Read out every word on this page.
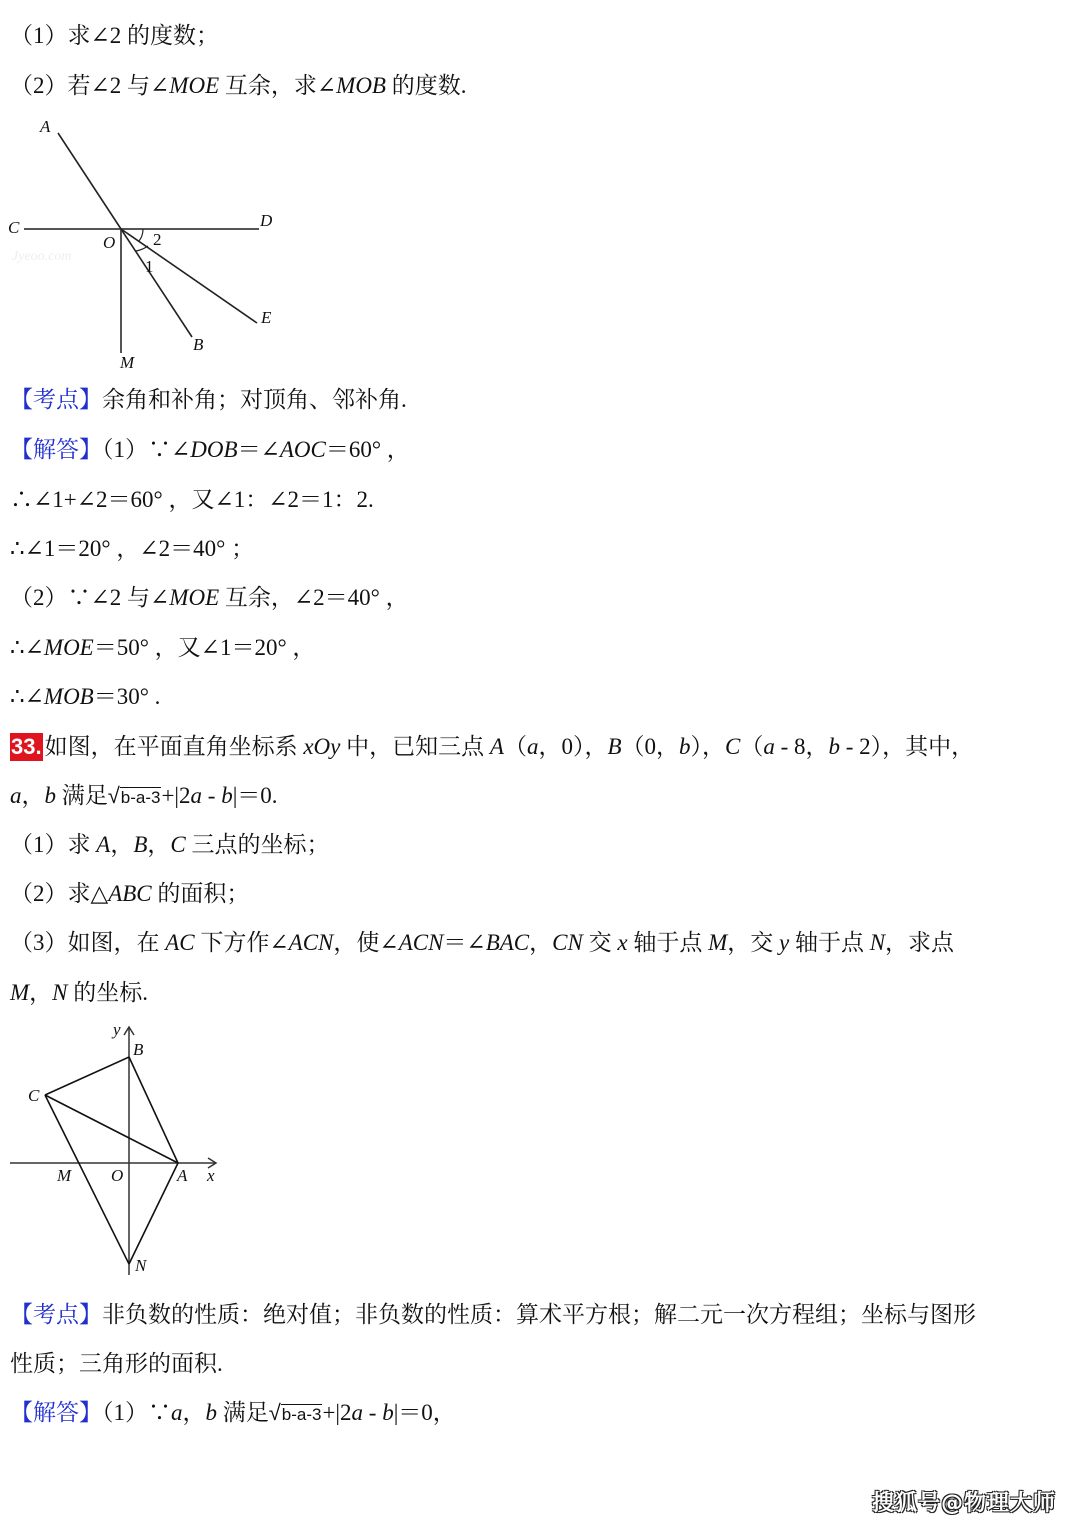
（1）求∠2 的度数；
（2）若∠2 与∠MOE 互余，求∠MOB 的度数.
A
C	D
O 2
1
E
B
M
Jyeoo.com
【考点】余角和补角；对顶角、邻补角.
【解答】（1）∵∠DOB＝∠AOC＝60° ，
∴∠1+∠2＝60° ，又∠1：∠2＝1：2.
∴∠1＝20° ，∠2＝40° ；
（2）∵∠2 与∠MOE 互余，∠2＝40° ，
∴∠MOE＝50° ，又∠1＝20° ，
∴∠MOB＝30° .
33. 如图，在平面直角坐标系 xOy 中，已知三点 A（a，0），B（0，b），C（a - 8，b - 2），其中，
a，b 满足 √ b-a-3+|2a - b|＝0.
（1）求 A，B，C 三点的坐标；
（2）求△ABC 的面积；
（3）如图，在 AC 下方作∠ACN，使∠ACN＝∠BAC，CN 交 x 轴于点 M，交 y 轴于点 N，求点
M，N 的坐标.
y
B
C
M O	A x
N
【考点】非负数的性质：绝对值；非负数的性质：算术平方根；解二元一次方程组；坐标与图形
性质；三角形的面积.
【解答】（1）∵a，b 满足 √ b-a-3+|2a - b|＝0，
搜狐号@物理大师
